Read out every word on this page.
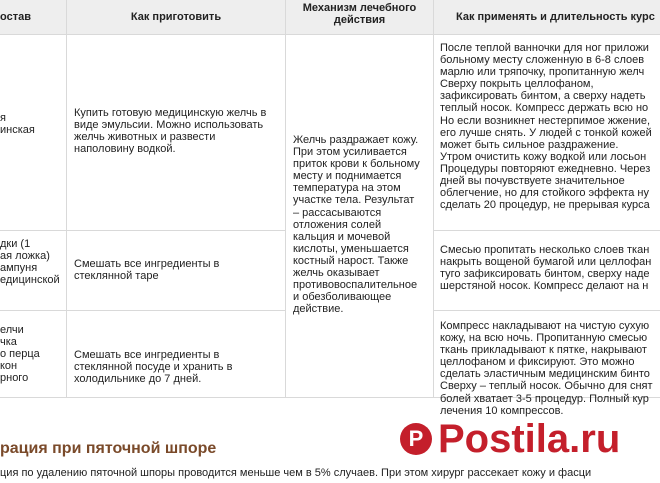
остав	Как приготовить
Механизм лечебного действия	Как применять и длительность курс

я

инская

Купить готовую медицинскую желчь в

виде эмульсии. Можно использовать

желчь животных и развести

наполовину водкой.

После теплой ванночки для ног приложи

больному месту сложенную в 6-8 слоев

марлю или тряпочку, пропитанную желч

Сверху покрыть целлофаном,

зафиксировать бинтом, а сверху надеть

теплый носок. Компресс держать всю но

Но если возникнет нестерпимое жжение,

его лучше снять. У людей с тонкой кожей

может быть сильное раздражение.

Утром очистить кожу водкой или лосьон

Процедуры повторяют ежедневно. Через

дней вы почувствуете значительное

облегчение, но для стойкого эффекта ну

сделать 20 процедур, не прерывая курса

Желчь раздражает кожу.

При этом усиливается

приток крови к больному

месту и поднимается

температура на этом

участке тела. Результат

– рассасываются

отложения солей

кальция и мочевой

кислоты, уменьшается

костный нарост. Также

желчь оказывает

противовоспалительное

и обезболивающее

действие.

дки (1

ая ложка)

ампуня

едицинской

Смешать все ингредиенты в

стеклянной таре

Смесью пропитать несколько слоев ткан

накрыть вощеной бумагой или целлофан

туго зафиксировать бинтом, сверху наде

шерстяной носок. Компресс делают на н

елчи

чка

о перца

кон

рного

Смешать все ингредиенты в

стеклянной посуде и хранить в

холодильнике до 7 дней.

Компресс накладывают на чистую сухую

кожу, на всю ночь. Пропитанную смесью

ткань прикладывают к пятке, накрывают

целлофаном и фиксируют. Это можно

сделать эластичным медицинским бинто

Сверху – теплый носок. Обычно для снят

болей хватает 3-5 процедур. Полный кур

лечения 10 компрессов.

рация при пяточной шпоре
ция по удалению пяточной шпоры проводится меньше чем в 5% случаев. При этом хирург рассекает кожу и фасци
P Postila.ru
